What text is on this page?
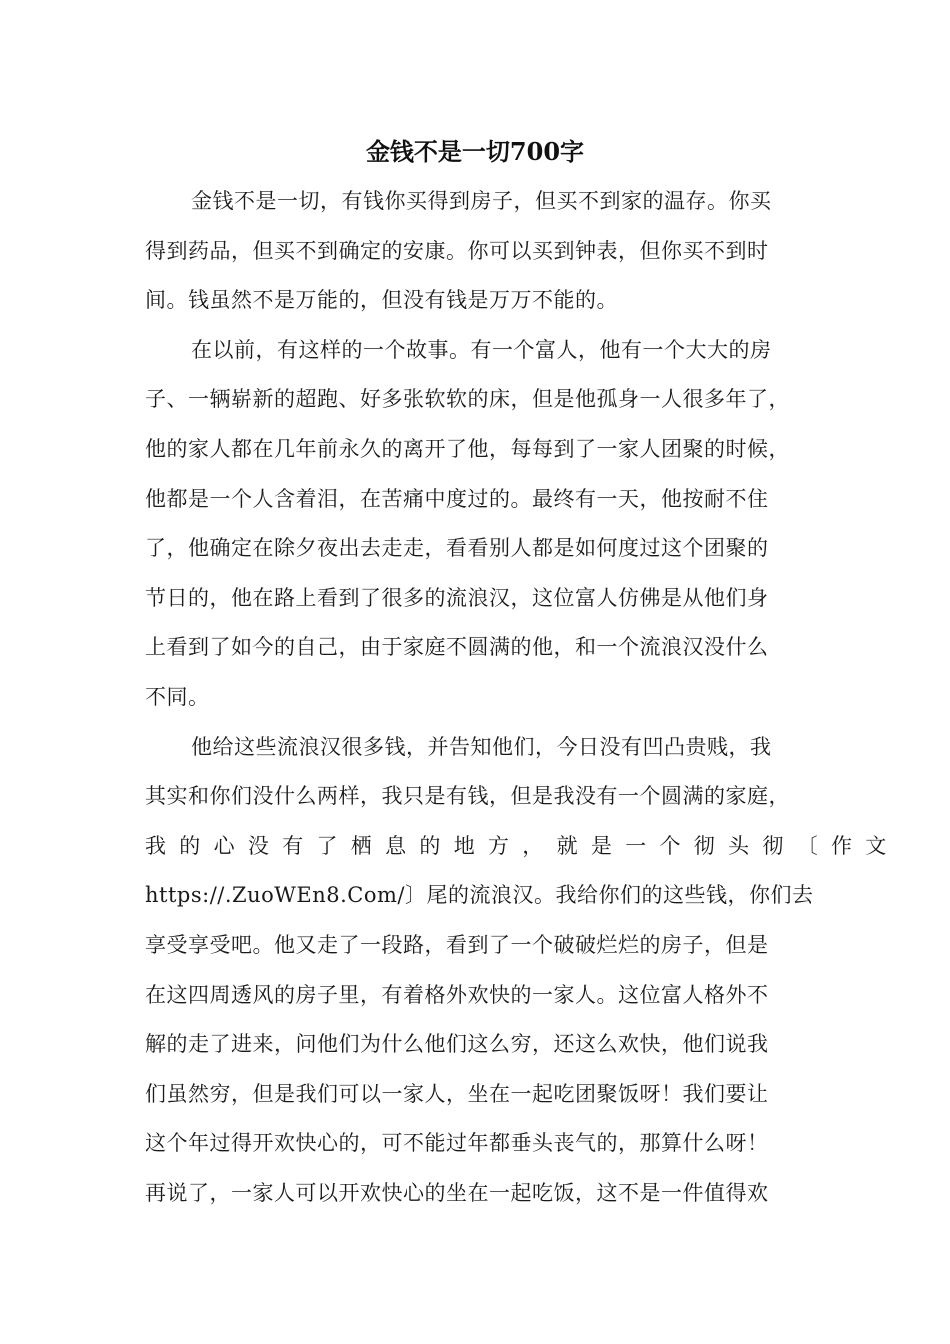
金钱不是一切700字
金钱不是一切，有钱你买得到房子，但买不到家的温存。你买
得到药品，但买不到确定的安康。你可以买到钟表，但你买不到时
间。钱虽然不是万能的，但没有钱是万万不能的。
在以前，有这样的一个故事。有一个富人，他有一个大大的房
子、一辆崭新的超跑、好多张软软的床，但是他孤身一人很多年了，
他的家人都在几年前永久的离开了他，每每到了一家人团聚的时候，
他都是一个人含着泪，在苦痛中度过的。最终有一天，他按耐不住
了，他确定在除夕夜出去走走，看看别人都是如何度过这个团聚的
节日的，他在路上看到了很多的流浪汉，这位富人仿佛是从他们身
上看到了如今的自己，由于家庭不圆满的他，和一个流浪汉没什么
不同。
他给这些流浪汉很多钱，并告知他们，今日没有凹凸贵贱，我
其实和你们没什么两样，我只是有钱，但是我没有一个圆满的家庭，
我的心没有了栖息的地方，就是一个彻头彻〔作文
https://.ZuoWEn8.Com/〕尾的流浪汉。我给你们的这些钱，你们去
享受享受吧。他又走了一段路，看到了一个破破烂烂的房子，但是
在这四周透风的房子里，有着格外欢快的一家人。这位富人格外不
解的走了进来，问他们为什么他们这么穷，还这么欢快，他们说我
们虽然穷，但是我们可以一家人，坐在一起吃团聚饭呀！我们要让
这个年过得开欢快心的，可不能过年都垂头丧气的，那算什么呀！
再说了，一家人可以开欢快心的坐在一起吃饭，这不是一件值得欢
